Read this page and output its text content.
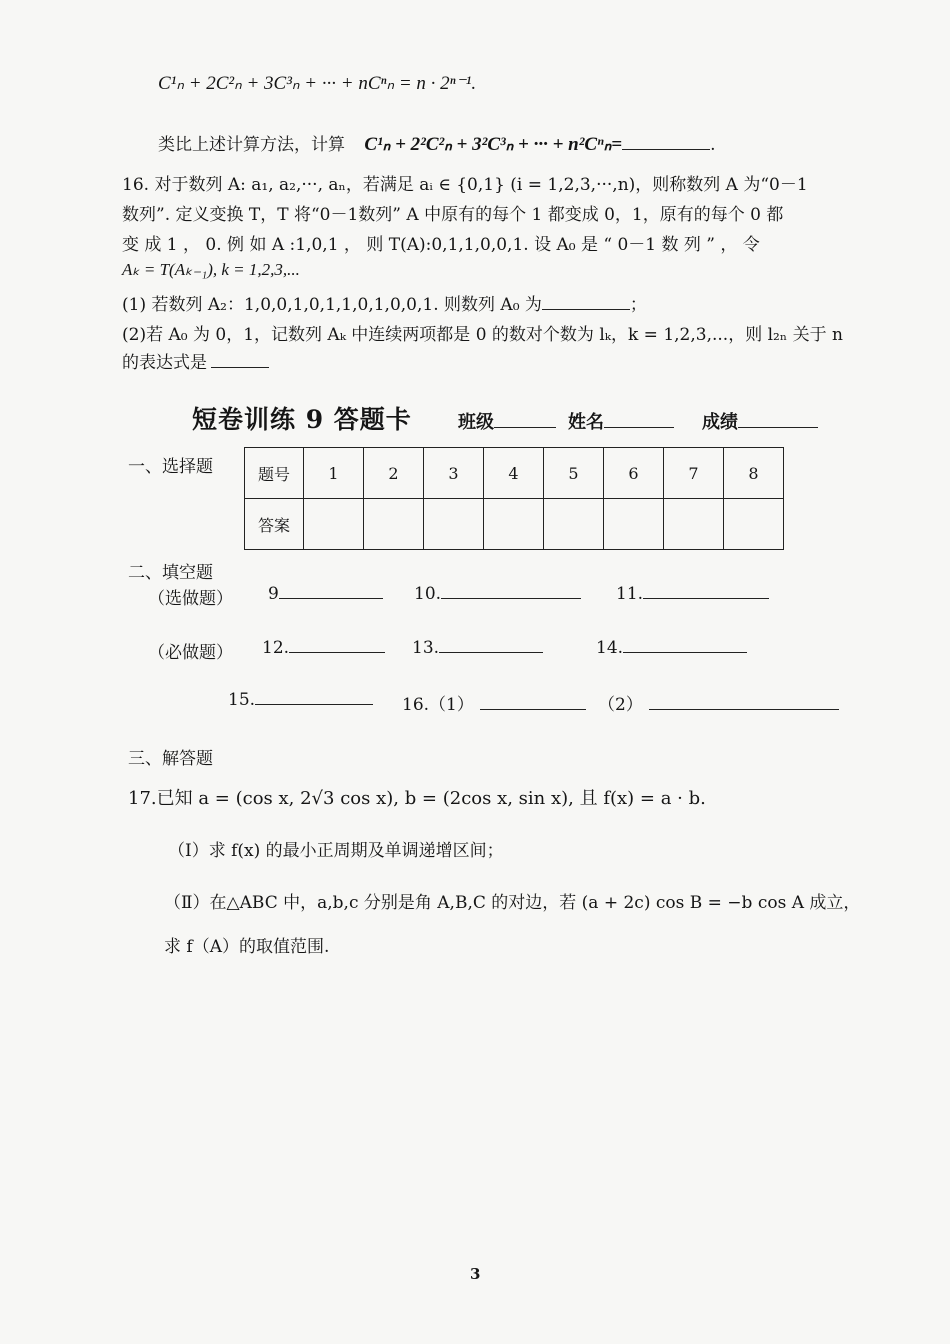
C¹ₙ + 2C²ₙ + 3C³ₙ + ··· + nCⁿₙ = n · 2ⁿ⁻¹.
类比上述计算方法，计算 C¹ₙ + 2²C²ₙ + 3²C³ₙ + ··· + n²Cⁿₙ=	.
16. 对于数列 A: a₁, a₂,···, aₙ，若满足 aᵢ ∈ {0,1} (i = 1,2,3,···,n)，则称数列 A 为“0－1
数列”. 定义变换 T，T 将“0－1数列” A 中原有的每个 1 都变成 0，1，原有的每个 0 都
变 成 1 ， 0. 例 如 A :1,0,1 ， 则 T(A):0,1,1,0,0,1. 设 A₀ 是 “ 0－1 数 列 ” ， 令
Aₖ = T(Aₖ₋₁), k = 1,2,3,...
(1) 若数列 A₂：1,0,0,1,0,1,1,0,1,0,0,1. 则数列 A₀ 为	；
(2)若 A₀ 为 0，1，记数列 Aₖ 中连续两项都是 0 的数对个数为 lₖ，k = 1,2,3,...，则 l₂ₙ 关于 n
的表达式是
短卷训练 9 答题卡	班级	姓名	成绩
一、选择题	题号	1	2	3	4	5	6	7	8
答案								
二、填空题
（选做题） 9	10.	11.
（必做题） 12.	13.	14.
15.	16.（1）	（2）
三、解答题
17.已知 a = (cos x, 2√3 cos x), b = (2cos x, sin x), 且 f(x) = a · b.
（I）求 f(x) 的最小正周期及单调递增区间；
（Ⅱ）在△ABC 中，a,b,c 分别是角 A,B,C 的对边，若 (a + 2c) cos B = −b cos A 成立，
求 f（A）的取值范围.
3
